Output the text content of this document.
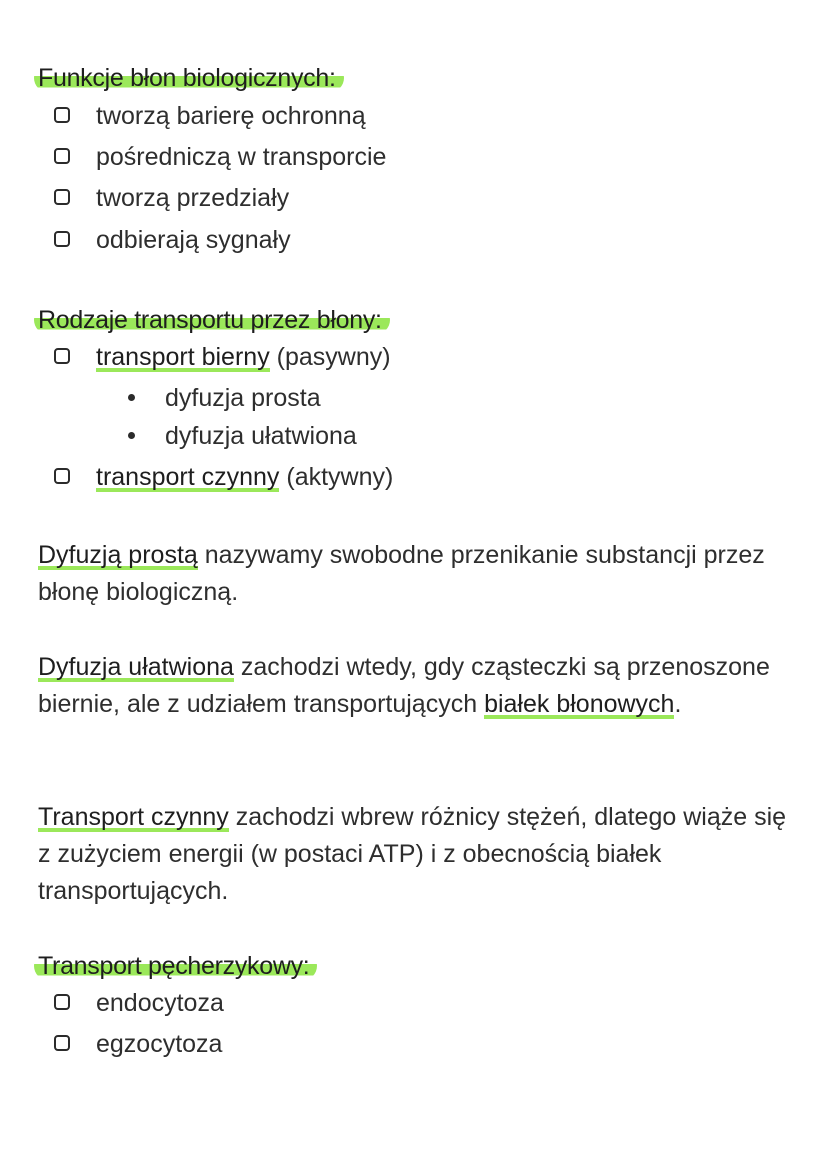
Funkcje błon biologicznych:
tworzą barierę ochronną
pośredniczą w transporcie
tworzą przedziały
odbierają sygnały
Rodzaje transportu przez błony:
transport bierny (pasywny)
dyfuzja prosta
dyfuzja ułatwiona
transport czynny (aktywny)
Dyfuzją prostą nazywamy swobodne przenikanie substancji przez błonę biologiczną.
Dyfuzja ułatwiona zachodzi wtedy, gdy cząsteczki są przenoszone biernie, ale z udziałem transportujących białek błonowych.
Transport czynny zachodzi wbrew różnicy stężeń, dlatego wiąże się z zużyciem energii (w postaci ATP) i z obecnością białek transportujących.
Transport pęcherzykowy:
endocytoza
egzocytoza
